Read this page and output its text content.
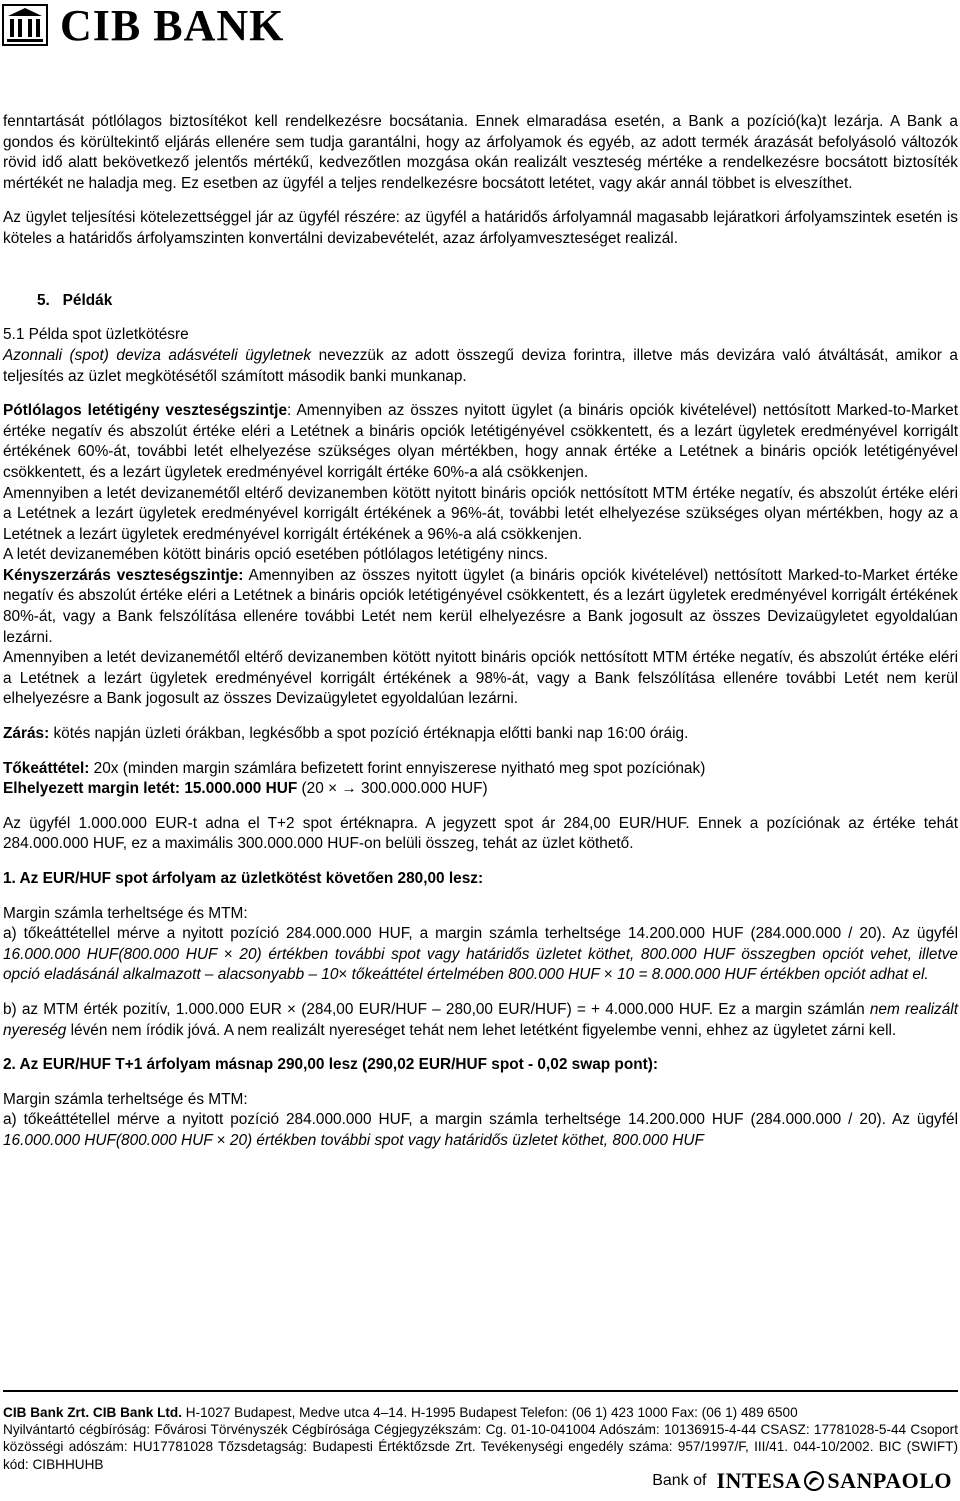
CIB BANK

fenntartását pótlólagos biztosítékot kell rendelkezésre bocsátania. Ennek elmaradása esetén, a Bank a pozíció(ka)t lezárja. A Bank a gondos és körültekintő eljárás ellenére sem tudja garantálni, hogy az árfolyamok és egyéb, az adott termék árazását befolyásoló változók rövid idő alatt bekövetkező jelentős mértékű, kedvezőtlen mozgása okán realizált veszteség mértéke a rendelkezésre bocsátott biztosíték mértékét ne haladja meg. Ez esetben az ügyfél a teljes rendelkezésre bocsátott letétet, vagy akár annál többet is elveszíthet.

Az ügylet teljesítési kötelezettséggel jár az ügyfél részére: az ügyfél a határidős árfolyamnál magasabb lejáratkori árfolyamszintek esetén is köteles a határidős árfolyamszinten konvertálni devizabevételét, azaz árfolyamveszteséget realizál.

5. Példák

5.1 Példa spot üzletkötésre

Azonnali (spot) deviza adásvételi ügyletnek nevezzük az adott összegű deviza forintra, illetve más devizára való átváltását, amikor a teljesítés az üzlet megkötésétől számított második banki munkanap.

Pótlólagos letétigény veszteségszintje: Amennyiben az összes nyitott ügylet (a bináris opciók kivételével) nettósított Marked-to-Market értéke negatív és abszolút értéke eléri a Letétnek a bináris opciók letétigényével csökkentett, és a lezárt ügyletek eredményével korrigált értékének 60%-át, további letét elhelyezése szükséges olyan mértékben, hogy annak értéke a Letétnek a bináris opciók letétigényével csökkentett, és a lezárt ügyletek eredményével korrigált értéke 60%-a alá csökkenjen.

Amennyiben a letét devizanemétől eltérő devizanemben kötött nyitott bináris opciók nettósított MTM értéke negatív, és abszolút értéke eléri a Letétnek a lezárt ügyletek eredményével korrigált értékének a 96%-át, további letét elhelyezése szükséges olyan mértékben, hogy az a Letétnek a lezárt ügyletek eredményével korrigált értékének a 96%-a alá csökkenjen.

A letét devizanemében kötött bináris opció esetében pótlólagos letétigény nincs.

Kényszerzárás veszteségszintje: Amennyiben az összes nyitott ügylet (a bináris opciók kivételével) nettósított Marked-to-Market értéke negatív és abszolút értéke eléri a Letétnek a bináris opciók letétigényével csökkentett, és a lezárt ügyletek eredményével korrigált értékének 80%-át, vagy a Bank felszólítása ellenére további Letét nem kerül elhelyezésre a Bank jogosult az összes Devizaügyletet egyoldalúan lezárni.

Amennyiben a letét devizanemétől eltérő devizanemben kötött nyitott bináris opciók nettósított MTM értéke negatív, és abszolút értéke eléri a Letétnek a lezárt ügyletek eredményével korrigált értékének a 98%-át, vagy a Bank felszólítása ellenére további Letét nem kerül elhelyezésre a Bank jogosult az összes Devizaügyletet egyoldalúan lezárni.

Zárás: kötés napján üzleti órákban, legkésőbb a spot pozíció értéknapja előtti banki nap 16:00 óráig.

Tőkeáttétel: 20x (minden margin számlára befizetett forint ennyiszerese nyitható meg spot pozíciónak)

Elhelyezett margin letét: 15.000.000 HUF (20 × → 300.000.000 HUF)

Az ügyfél 1.000.000 EUR-t adna el T+2 spot értéknapra. A jegyzett spot ár 284,00 EUR/HUF. Ennek a pozíciónak az értéke tehát 284.000.000 HUF, ez a maximális 300.000.000 HUF-on belüli összeg, tehát az üzlet köthető.

1. Az EUR/HUF spot árfolyam az üzletkötést követően 280,00 lesz:

Margin számla terheltsége és MTM:

a) tőkeáttétellel mérve a nyitott pozíció 284.000.000 HUF, a margin számla terheltsége 14.200.000 HUF (284.000.000 / 20). Az ügyfél 16.000.000 HUF(800.000 HUF × 20) értékben további spot vagy határidős üzletet köthet, 800.000 HUF összegben opciót vehet, illetve opció eladásánál alkalmazott – alacsonyabb – 10× tőkeáttétel értelmében 800.000 HUF × 10 = 8.000.000 HUF értékben opciót adhat el.

b) az MTM érték pozitív, 1.000.000 EUR × (284,00 EUR/HUF – 280,00 EUR/HUF) = + 4.000.000 HUF. Ez a margin számlán nem realizált nyereség lévén nem íródik jóvá. A nem realizált nyereséget tehát nem lehet letétként figyelembe venni, ehhez az ügyletet zárni kell.

2. Az EUR/HUF T+1 árfolyam másnap 290,00 lesz (290,02 EUR/HUF spot - 0,02 swap pont):

Margin számla terheltsége és MTM:

a) tőkeáttétellel mérve a nyitott pozíció 284.000.000 HUF, a margin számla terheltsége 14.200.000 HUF (284.000.000 / 20). Az ügyfél 16.000.000 HUF(800.000 HUF × 20) értékben további spot vagy határidős üzletet köthet, 800.000 HUF

CIB Bank Zrt. CIB Bank Ltd. H-1027 Budapest, Medve utca 4–14. H-1995 Budapest Telefon: (06 1) 423 1000 Fax: (06 1) 489 6500

Nyilvántartó cégbíróság: Fővárosi Törvényszék Cégbírósága Cégjegyzékszám: Cg. 01-10-041004 Adószám: 10136915-4-44 CSASZ: 17781028-5-44 Csoport közösségi adószám: HU17781028 Tőzsdetagság: Budapesti Értéktőzsde Zrt. Tevékenységi engedély száma: 957/1997/F, III/41. 044-10/2002. BIC (SWIFT) kód: CIBHHUHB

Bank of INTESA SANPAOLO
